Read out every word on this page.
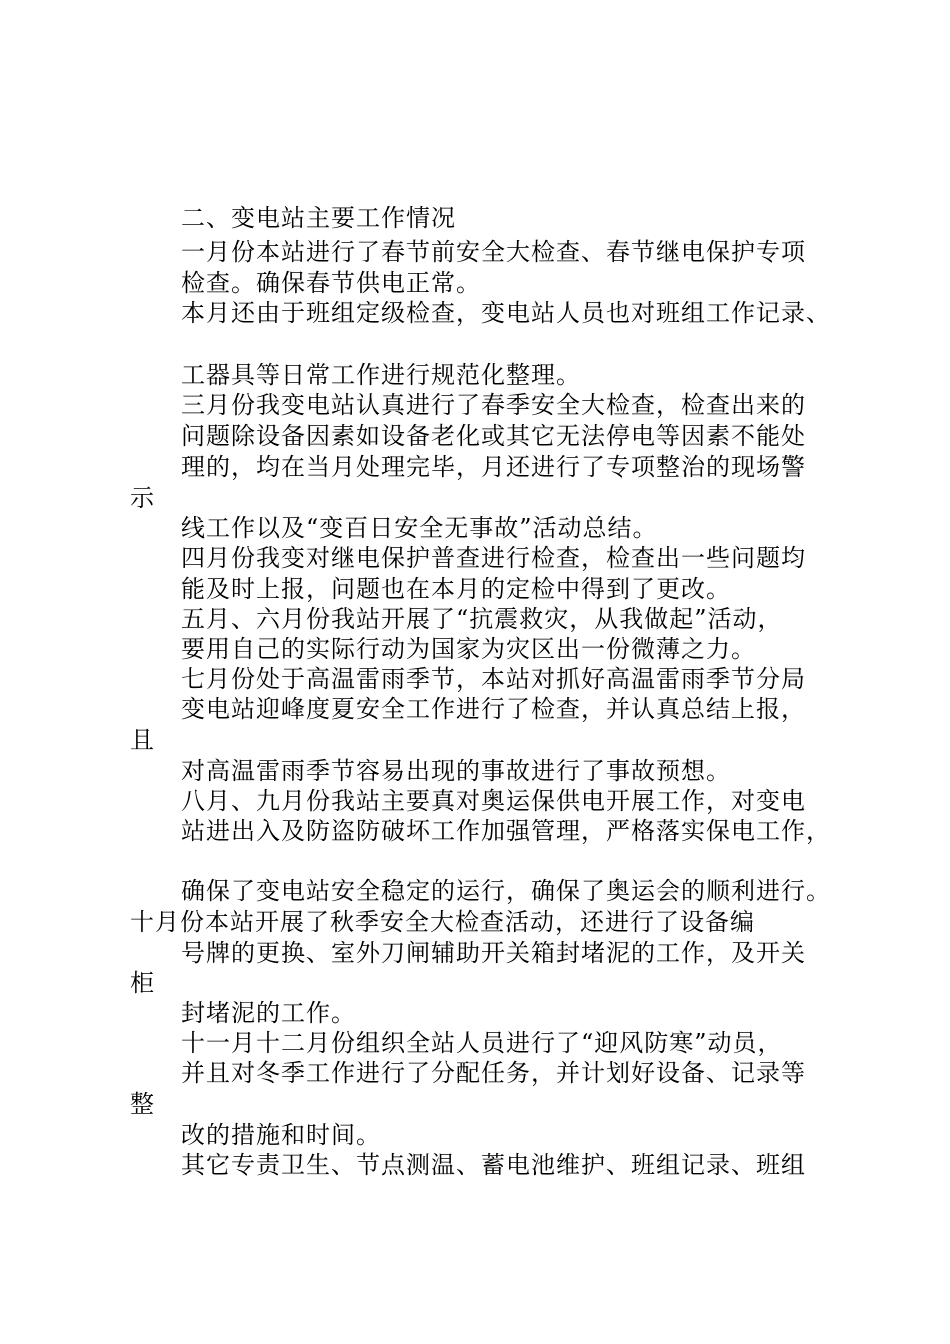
二、变电站主要工作情况
一月份本站进行了春节前安全大检查、春节继电保护专项
检查。确保春节供电正常。
本月还由于班组定级检查，变电站人员也对班组工作记录、
工器具等日常工作进行规范化整理。
三月份我变电站认真进行了春季安全大检查，检查出来的
问题除设备因素如设备老化或其它无法停电等因素不能处
理的，均在当月处理完毕，月还进行了专项整治的现场警
示
线工作以及“变百日安全无事故”活动总结。
四月份我变对继电保护普查进行检查，检查出一些问题均
能及时上报，问题也在本月的定检中得到了更改。
五月、六月份我站开展了“抗震救灾，从我做起”活动，
要用自己的实际行动为国家为灾区出一份微薄之力。
七月份处于高温雷雨季节，本站对抓好高温雷雨季节分局
变电站迎峰度夏安全工作进行了检查，并认真总结上报，
且
对高温雷雨季节容易出现的事故进行了事故预想。
八月、九月份我站主要真对奥运保供电开展工作，对变电
站进出入及防盗防破坏工作加强管理，严格落实保电工作，
确保了变电站安全稳定的运行，确保了奥运会的顺利进行。
十月份本站开展了秋季安全大检查活动，还进行了设备编
号牌的更换、室外刀闸辅助开关箱封堵泥的工作，及开关
柜
封堵泥的工作。
十一月十二月份组织全站人员进行了“迎风防寒”动员，
并且对冬季工作进行了分配任务，并计划好设备、记录等
整
改的措施和时间。
其它专责卫生、节点测温、蓄电池维护、班组记录、班组
